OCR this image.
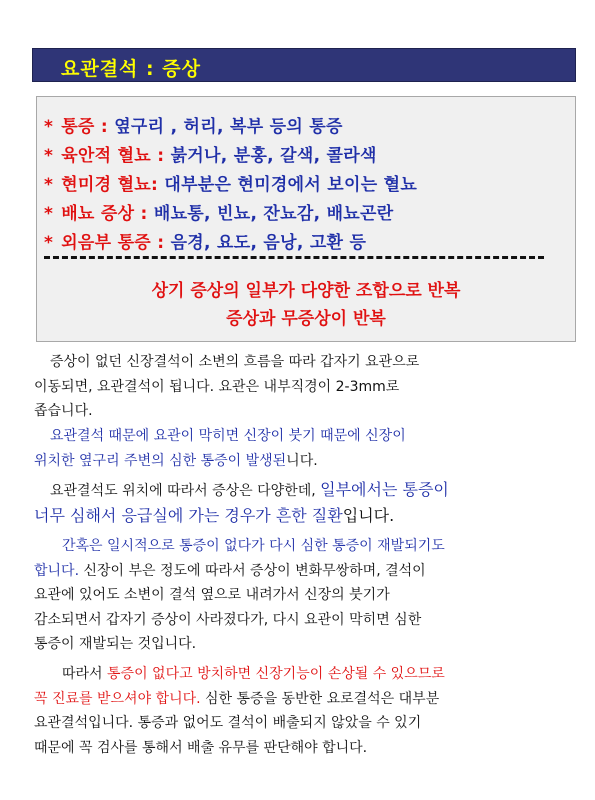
요관결석 : 증상
* 통증 : 옆구리 , 허리, 복부 등의 통증
* 육안적 혈뇨 : 붉거나, 분홍, 갈색, 콜라색
* 현미경 혈뇨: 대부분은 현미경에서 보이는 혈뇨
* 배뇨 증상 : 배뇨통, 빈뇨, 잔뇨감, 배뇨곤란
* 외음부 통증 : 음경, 요도, 음낭, 고환 등
상기 증상의 일부가 다양한 조합으로 반복
증상과 무증상이 반복
증상이 없던 신장결석이 소변의 흐름을 따라 갑자기 요관으로
이동되면, 요관결석이 됩니다. 요관은 내부직경이 2-3mm로
좁습니다.
요관결석 때문에 요관이 막히면 신장이 붓기 때문에 신장이
위치한 옆구리 주변의 심한 통증이 발생된니다.
요관결석도 위치에 따라서 증상은 다양한데, 일부에서는 통증이
너무 심해서 응급실에 가는 경우가 흔한 질환입니다.
간혹은 일시적으로 통증이 없다가 다시 심한 통증이 재발되기도
합니다. 신장이 부은 정도에 따라서 증상이 변화무쌍하며, 결석이
요관에 있어도 소변이 결석 옆으로 내려가서 신장의 붓기가
감소되면서 갑자기 증상이 사라졌다가, 다시 요관이 막히면 심한
통증이 재발되는 것입니다.
따라서 통증이 없다고 방치하면 신장기능이 손상될 수 있으므로
꼭 진료를 받으셔야 합니다. 심한 통증을 동반한 요로결석은 대부분
요관결석입니다. 통증과 없어도 결석이 배출되지 않았을 수 있기
때문에 꼭 검사를 통해서 배출 유무를 판단해야 합니다.
